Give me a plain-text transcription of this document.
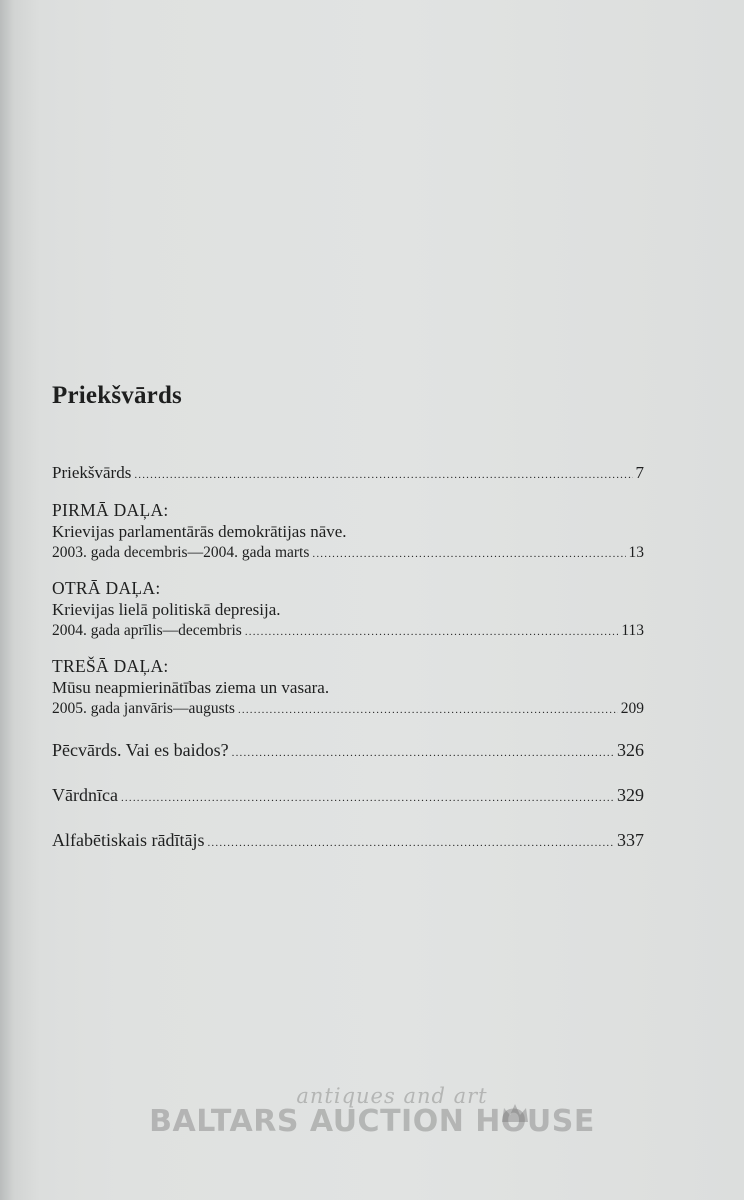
Priekšvārds
Priekšvārds .....	7
PIRMĀ DAĻA:
Krievijas parlamentārās demokrātijas nāve.
2003. gada decembris—2004. gada marts .....	13
OTRĀ DAĻA:
Krievijas lielā politiskā depresija.
2004. gada aprīlis—decembris .....	113
TREŠĀ DAĻA:
Mūsu neapmierinātības ziema un vasara.
2005. gada janvāris—augusts .....	209
Pēcvārds. Vai es baidos? .....	326
Vārdnīca .....	329
Alfabētiskais rādītājs .....	337
antiques and art
BALTARS AUCTION HOUSE
